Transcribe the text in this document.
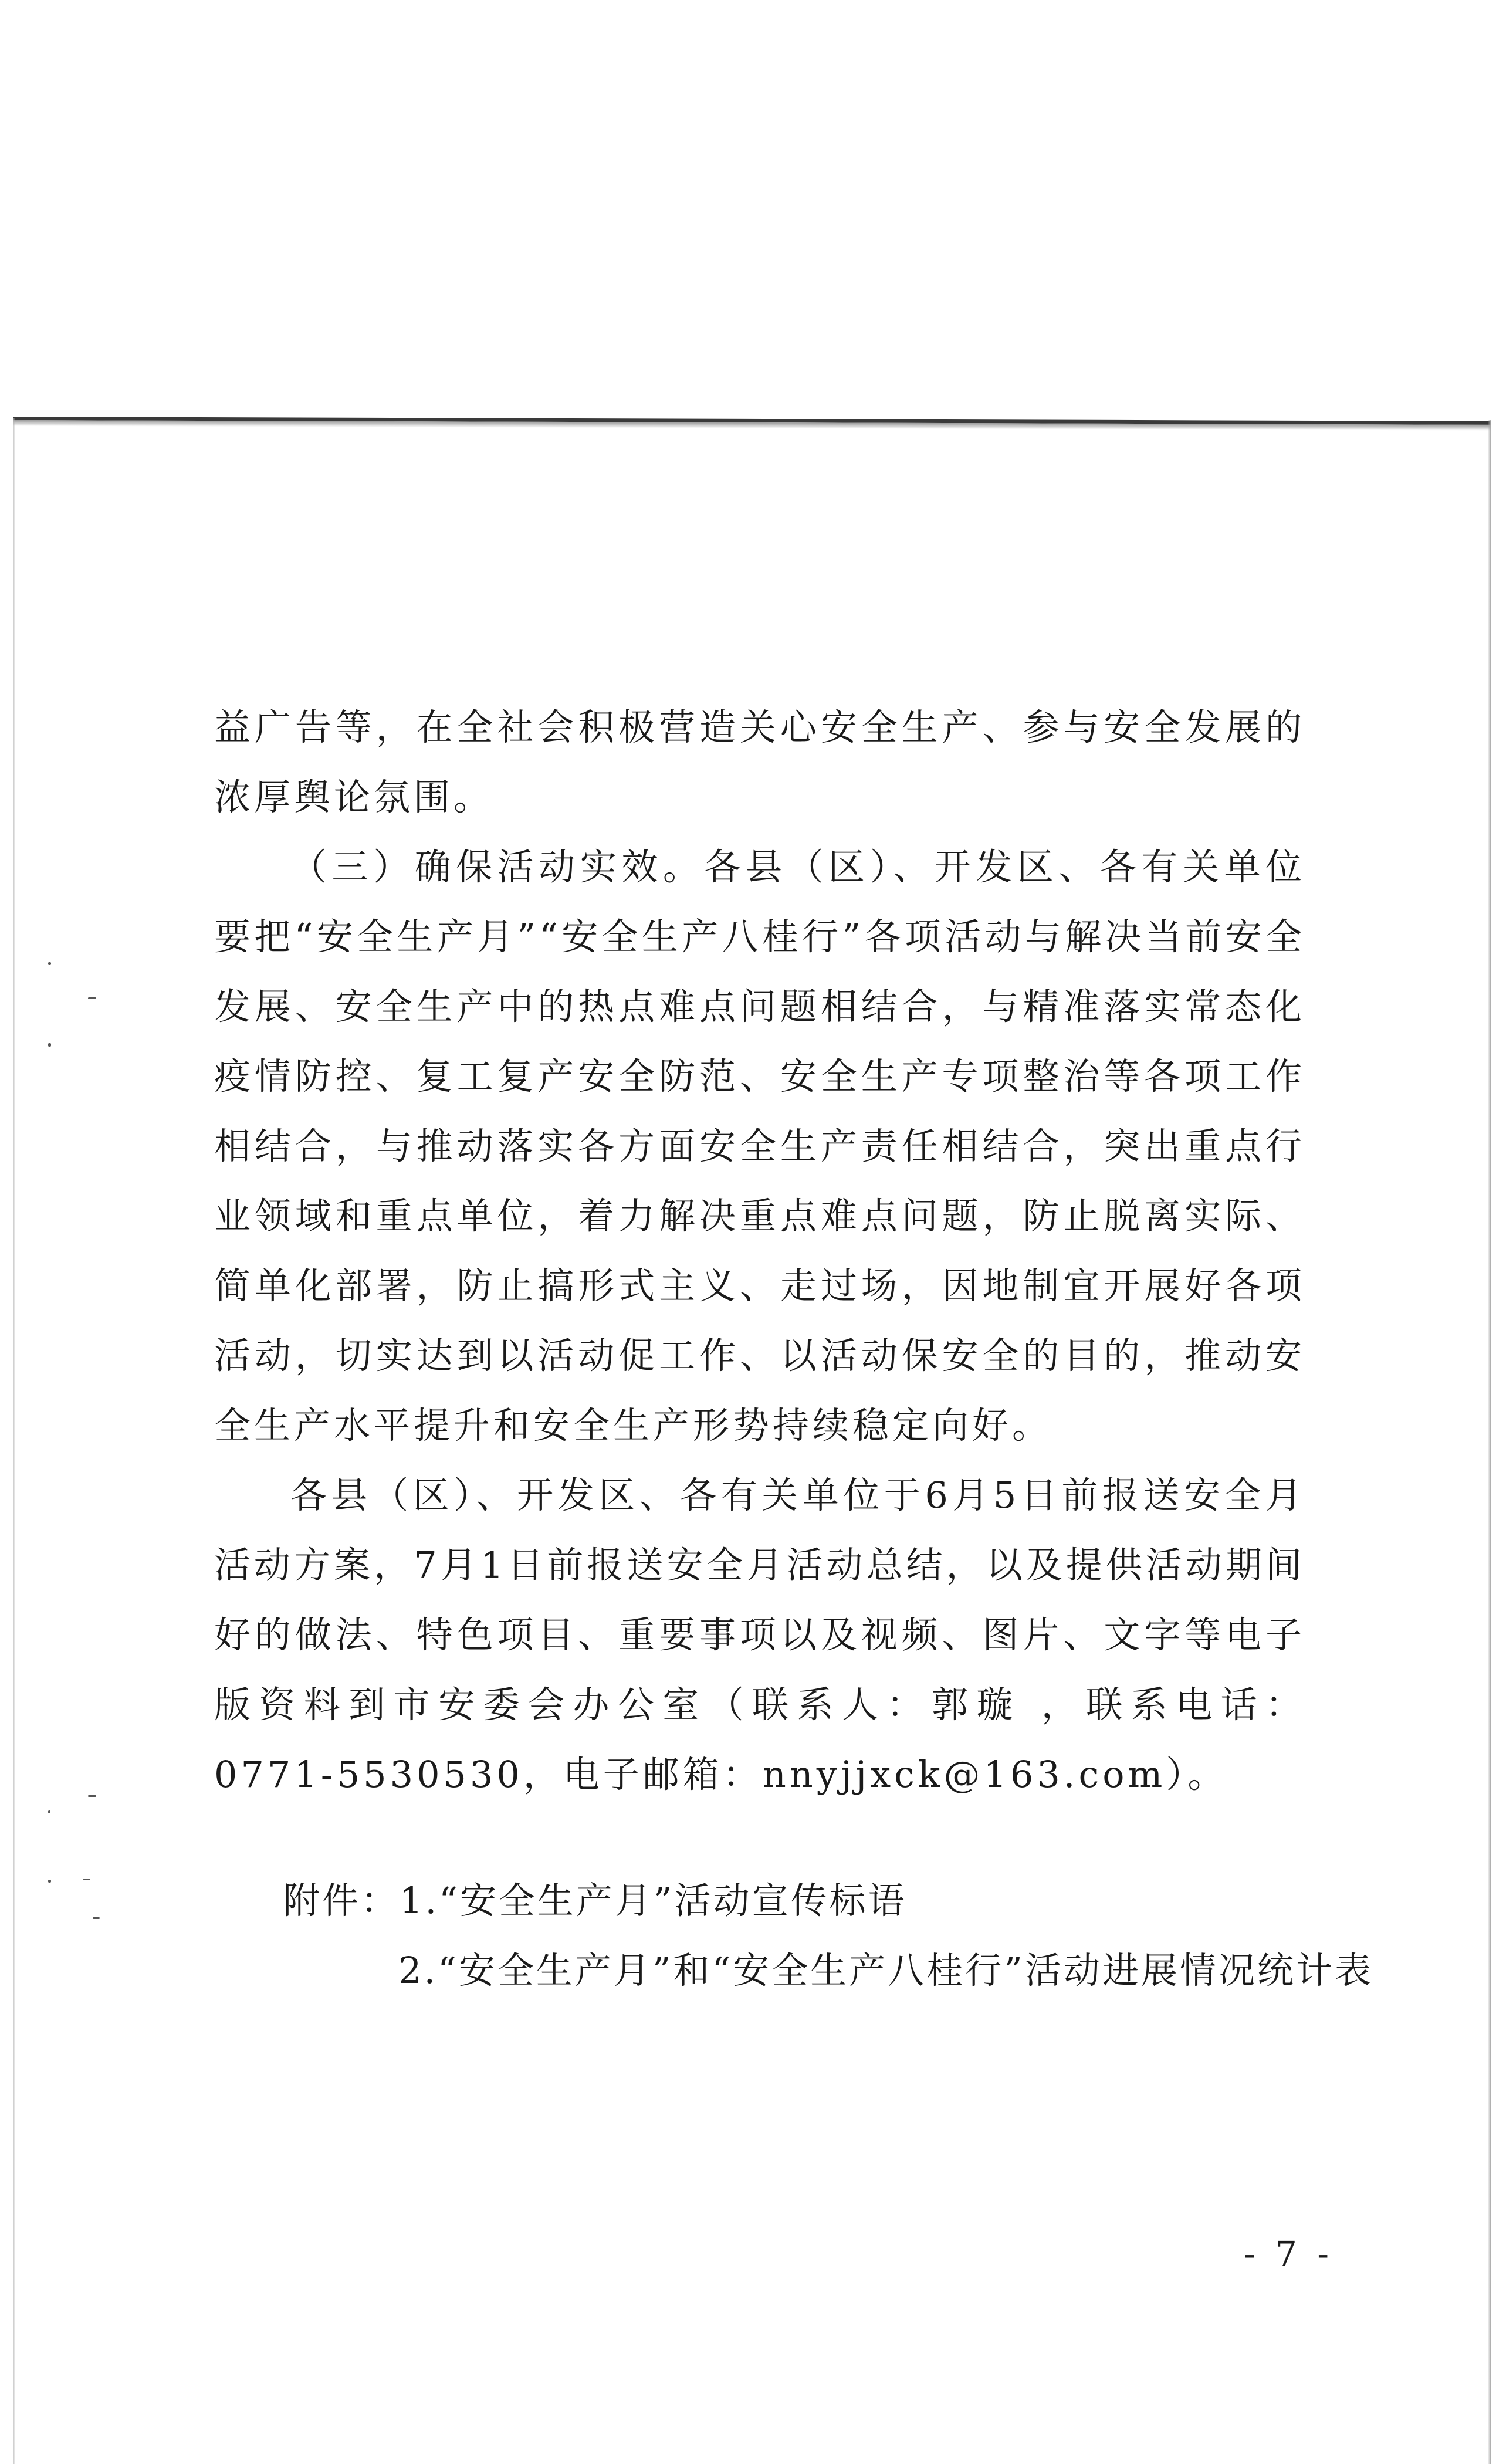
益广告等，在全社会积极营造关心安全生产、参与安全发展的浓厚舆论氛围。

（三）确保活动实效。各县（区）、开发区、各有关单位要把“安全生产月”“安全生产八桂行”各项活动与解决当前安全发展、安全生产中的热点难点问题相结合，与精准落实常态化疫情防控、复工复产安全防范、安全生产专项整治等各项工作相结合，与推动落实各方面安全生产责任相结合，突出重点行业领域和重点单位，着力解决重点难点问题，防止脱离实际、简单化部署，防止搞形式主义、走过场，因地制宜开展好各项活动，切实达到以活动促工作、以活动保安全的目的，推动安全生产水平提升和安全生产形势持续稳定向好。

各县（区）、开发区、各有关单位于6月5日前报送安全月活动方案，7月1日前报送安全月活动总结，以及提供活动期间好的做法、特色项目、重要事项以及视频、图片、文字等电子版资料到市安委会办公室（联系人：郭璇 ，联系电话：0771-5530530，电子邮箱：nnyjjxck@163.com）。

附件：1.“安全生产月”活动宣传标语

2.“安全生产月”和“安全生产八桂行”活动进展情况统计表

- 7 -
